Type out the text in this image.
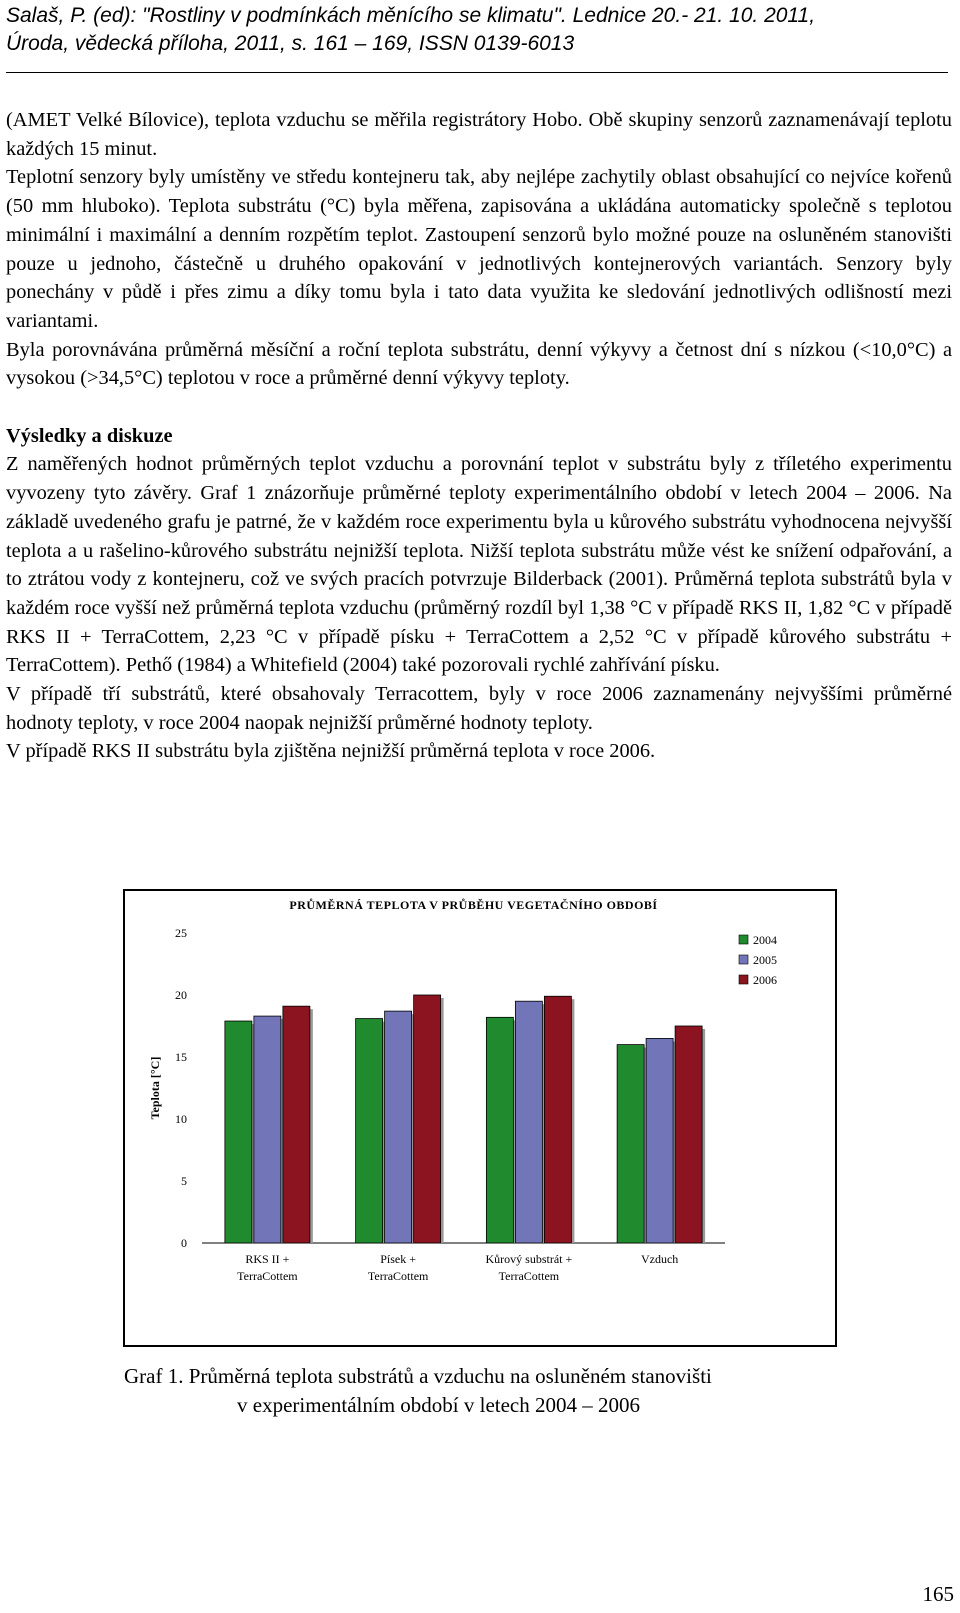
Salaš, P. (ed): "Rostliny v podmínkách měnícího se klimatu". Lednice 20.- 21. 10. 2011,
Úroda, vědecká příloha, 2011, s. 161 – 169, ISSN 0139-6013

(AMET Velké Bílovice), teplota vzduchu se měřila registrátory Hobo. Obě skupiny senzorů zaznamenávají teplotu každých 15 minut.

Teplotní senzory byly umístěny ve středu kontejneru tak, aby nejlépe zachytily oblast obsahující co nejvíce kořenů (50 mm hluboko). Teplota substrátu (°C) byla měřena, zapisována a ukládána automaticky společně s teplotou minimální i maximální a denním rozpětím teplot. Zastoupení senzorů bylo možné pouze na osluněném stanovišti pouze u jednoho, částečně u druhého opakování v jednotlivých kontejnerových variantách. Senzory byly ponechány v půdě i přes zimu a díky tomu byla i tato data využita ke sledování jednotlivých odlišností mezi variantami.

Byla porovnávána průměrná měsíční a roční teplota substrátu, denní výkyvy a četnost dní s nízkou (<10,0°C) a vysokou (>34,5°C) teplotou v roce a průměrné denní výkyvy teploty.

Výsledky a diskuze

Z naměřených hodnot průměrných teplot vzduchu a porovnání teplot v substrátu byly z tříletého experimentu vyvozeny tyto závěry. Graf 1 znázorňuje průměrné teploty experimentálního období v letech 2004 – 2006. Na základě uvedeného grafu je patrné, že v každém roce experimentu byla u kůrového substrátu vyhodnocena nejvyšší teplota a u rašelino-kůrového substrátu nejnižší teplota. Nižší teplota substrátu může vést ke snížení odpařování, a to ztrátou vody z kontejneru, což ve svých pracích potvrzuje Bilderback (2001). Průměrná teplota substrátů byla v každém roce vyšší než průměrná teplota vzduchu (průměrný rozdíl byl 1,38 °C v případě RKS II, 1,82 °C v případě RKS II + TerraCottem, 2,23 °C v případě písku + TerraCottem a 2,52 °C v případě kůrového substrátu + TerraCottem). Pethő (1984) a Whitefield (2004) také pozorovali rychlé zahřívání písku.

V případě tří substrátů, které obsahovaly Terracottem, byly v roce 2006 zaznamenány nejvyššími průměrné hodnoty teploty, v roce 2004 naopak nejnižší průměrné hodnoty teploty.

V případě RKS II substrátu byla zjištěna nejnižší průměrná teplota v roce 2006.

PRŮMĚRNÁ TEPLOTA V PRŮBĚHU VEGETAČNÍHO OBDOBÍ
0
5
10
15
20
25
Teplota [°C]
RKS II +
TerraCottem
Písek +
TerraCottem
Kůrový substrát +
TerraCottem
Vzduch
2004
2005
2006
Graf 1. Průměrná teplota substrátů a vzduchu na osluněném stanovišti
v experimentálním období v letech 2004 – 2006
165
